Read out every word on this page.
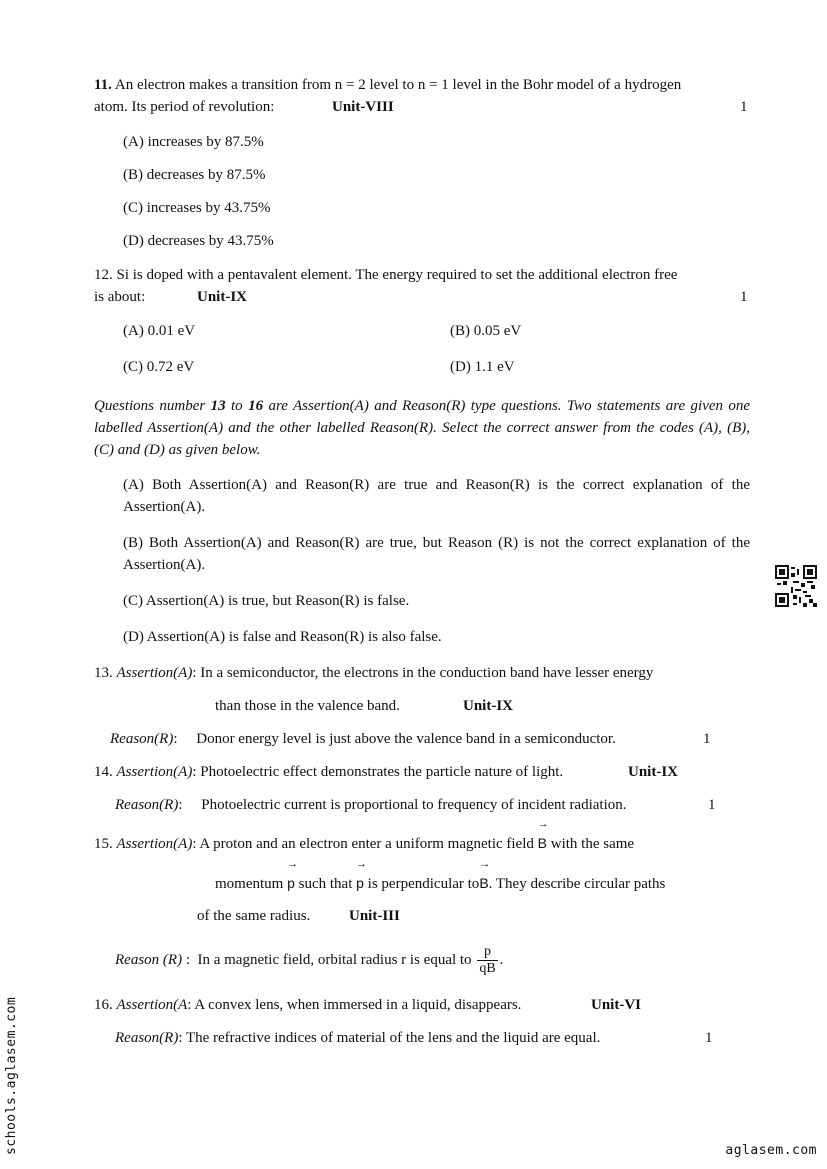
11. An electron makes a transition from n = 2 level to n = 1 level in the Bohr model of a hydrogen
atom. Its period of revolution:	Unit-VIII	1
(A) increases by 87.5%
(B) decreases by 87.5%
(C) increases by 43.75%
(D) decreases by 43.75%
12. Si is doped with a pentavalent element. The energy required to set the additional electron free
is about:	Unit-IX	1
(A) 0.01 eV	(B) 0.05 eV
(C) 0.72 eV	(D) 1.1 eV
Questions number 13 to 16 are Assertion(A) and Reason(R) type questions. Two statements are given one labelled Assertion(A) and the other labelled Reason(R). Select the correct answer from the codes (A), (B), (C) and (D) as given below.
(A) Both Assertion(A) and Reason(R) are true and Reason(R) is the correct explanation of the Assertion(A).
(B) Both Assertion(A) and Reason(R) are true, but Reason (R) is not the correct explanation of the Assertion(A).
(C) Assertion(A) is true, but Reason(R) is false.
(D) Assertion(A) is false and Reason(R) is also false.
13. Assertion(A): In a semiconductor, the electrons in the conduction band have lesser energy
than those in the valence band.	Unit-IX
Reason(R):     Donor energy level is just above the valence band in a semiconductor.	1
14. Assertion(A): Photoelectric effect demonstrates the particle nature of light.	Unit-IX
Reason(R):     Photoelectric current is proportional to frequency of incident radiation.	1
15. Assertion(A): A proton and an electron enter a uniform magnetic field
→
B with the same
momentum
→
p such that
→
p is perpendicular to
→
B. They describe circular paths
of the same radius.	Unit-III
Reason (R) :  In a magnetic field, orbital radius r is equal to $\frac{p}{qB}$ .
16. Assertion(A: A convex lens, when immersed in a liquid, disappears.	Unit-VI
Reason(R): The refractive indices of material of the lens and the liquid are equal.	1
schools.aglasem.com	aglasem.com
